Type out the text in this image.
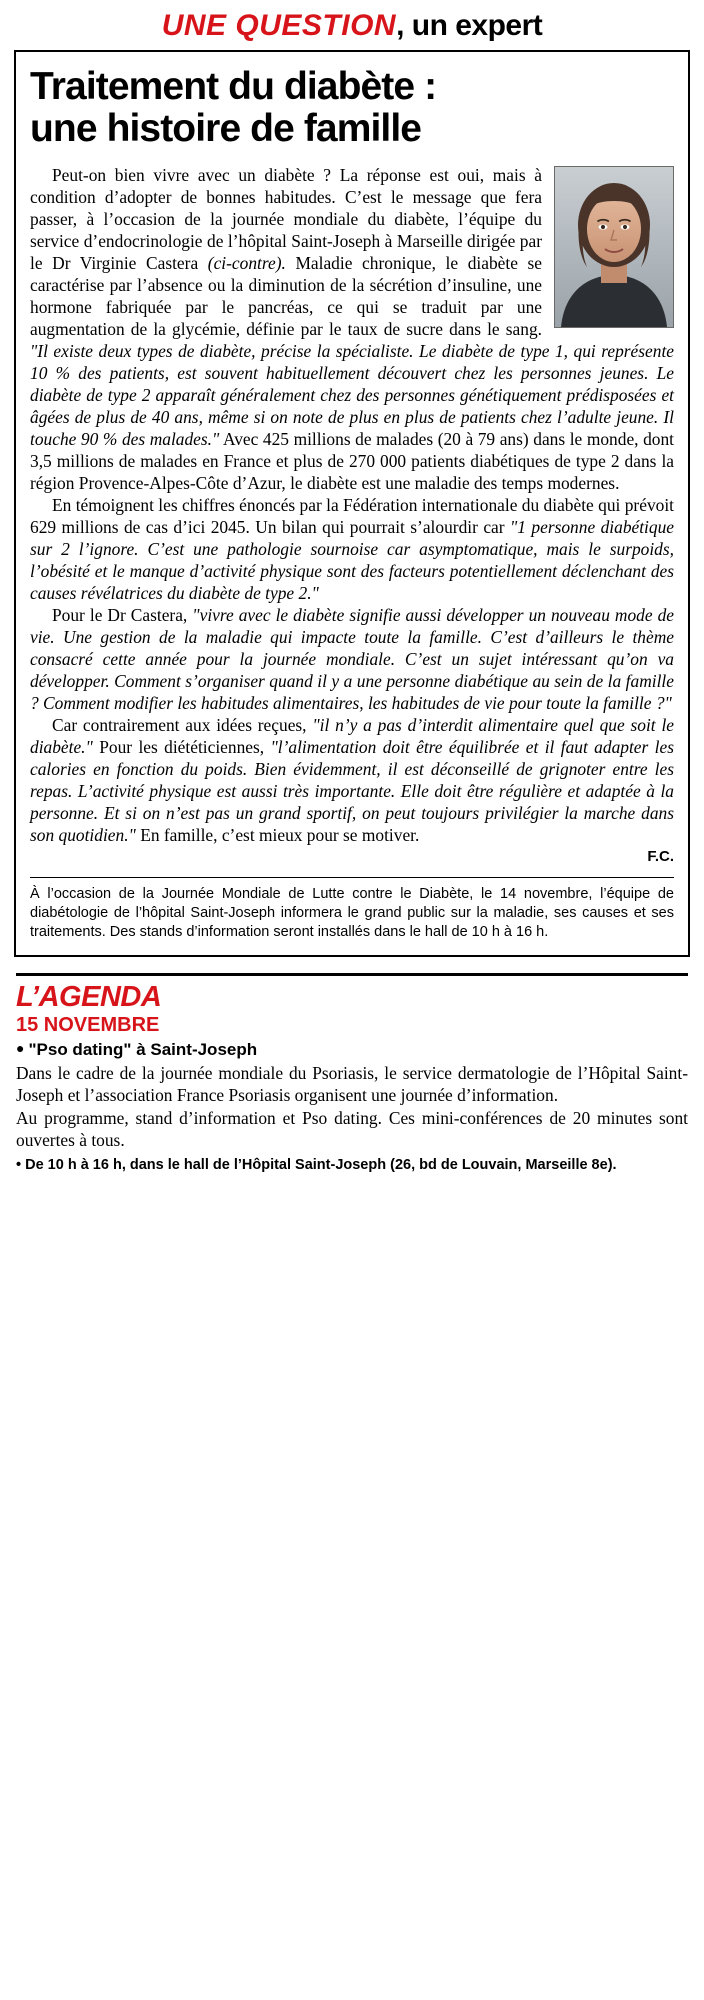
UNE QUESTION, un expert
Traitement du diabète :
une histoire de famille

Peut-on bien vivre avec un diabète ? La réponse est oui, mais à condition d’adopter de bonnes habitudes. C’est le message que fera passer, à l’occasion de la journée mondiale du diabète, l’équipe du service d’endocrinologie de l’hôpital Saint-Joseph à Marseille dirigée par le Dr Virginie Castera (ci-contre). Maladie chronique, le diabète se caractérise par l’absence ou la diminution de la sécrétion d’insuline, une hormone fabriquée par le pancréas, ce qui se traduit par une augmentation de la glycémie, définie par le taux de sucre dans le sang. "Il existe deux types de diabète, précise la spécialiste. Le diabète de type 1, qui représente 10 % des patients, est souvent habituellement découvert chez les personnes jeunes. Le diabète de type 2 apparaît généralement chez des personnes génétiquement prédisposées et âgées de plus de 40 ans, même si on note de plus en plus de patients chez l’adulte jeune. Il touche 90 % des malades." Avec 425 millions de malades (20 à 79 ans) dans le monde, dont 3,5 millions de malades en France et plus de 270 000 patients diabétiques de type 2 dans la région Provence-Alpes-Côte d’Azur, le diabète est une maladie des temps modernes.

En témoignent les chiffres énoncés par la Fédération internationale du diabète qui prévoit 629 millions de cas d’ici 2045. Un bilan qui pourrait s’alourdir car "1 personne diabétique sur 2 l’ignore. C’est une pathologie sournoise car asymptomatique, mais le surpoids, l’obésité et le manque d’activité physique sont des facteurs potentiellement déclenchant des causes révélatrices du diabète de type 2."

Pour le Dr Castera, "vivre avec le diabète signifie aussi développer un nouveau mode de vie. Une gestion de la maladie qui impacte toute la famille. C’est d’ailleurs le thème consacré cette année pour la journée mondiale. C’est un sujet intéressant qu’on va développer. Comment s’organiser quand il y a une personne diabétique au sein de la famille ? Comment modifier les habitudes alimentaires, les habitudes de vie pour toute la famille ?"

Car contrairement aux idées reçues, "il n’y a pas d’interdit alimentaire quel que soit le diabète." Pour les diététiciennes, "l’alimentation doit être équilibrée et il faut adapter les calories en fonction du poids. Bien évidemment, il est déconseillé de grignoter entre les repas. L’activité physique est aussi très importante. Elle doit être régulière et adaptée à la personne. Et si on n’est pas un grand sportif, on peut toujours privilégier la marche dans son quotidien." En famille, c’est mieux pour se motiver.

F.C.
À l’occasion de la Journée Mondiale de Lutte contre le Diabète, le 14 novembre, l’équipe de diabétologie de l’hôpital Saint-Joseph informera le grand public sur la maladie, ses causes et ses traitements. Des stands d’information seront installés dans le hall de 10 h à 16 h.
L’AGENDA
15 NOVEMBRE
● "Pso dating" à Saint-Joseph

Dans le cadre de la journée mondiale du Psoriasis, le service dermatologie de l’Hôpital Saint-Joseph et l’association France Psoriasis organisent une journée d’information.

Au programme, stand d’information et Pso dating. Ces mini-conférences de 20 minutes sont ouvertes à tous.

• De 10 h à 16 h, dans le hall de l’Hôpital Saint-Joseph (26, bd de Louvain, Marseille 8e).
